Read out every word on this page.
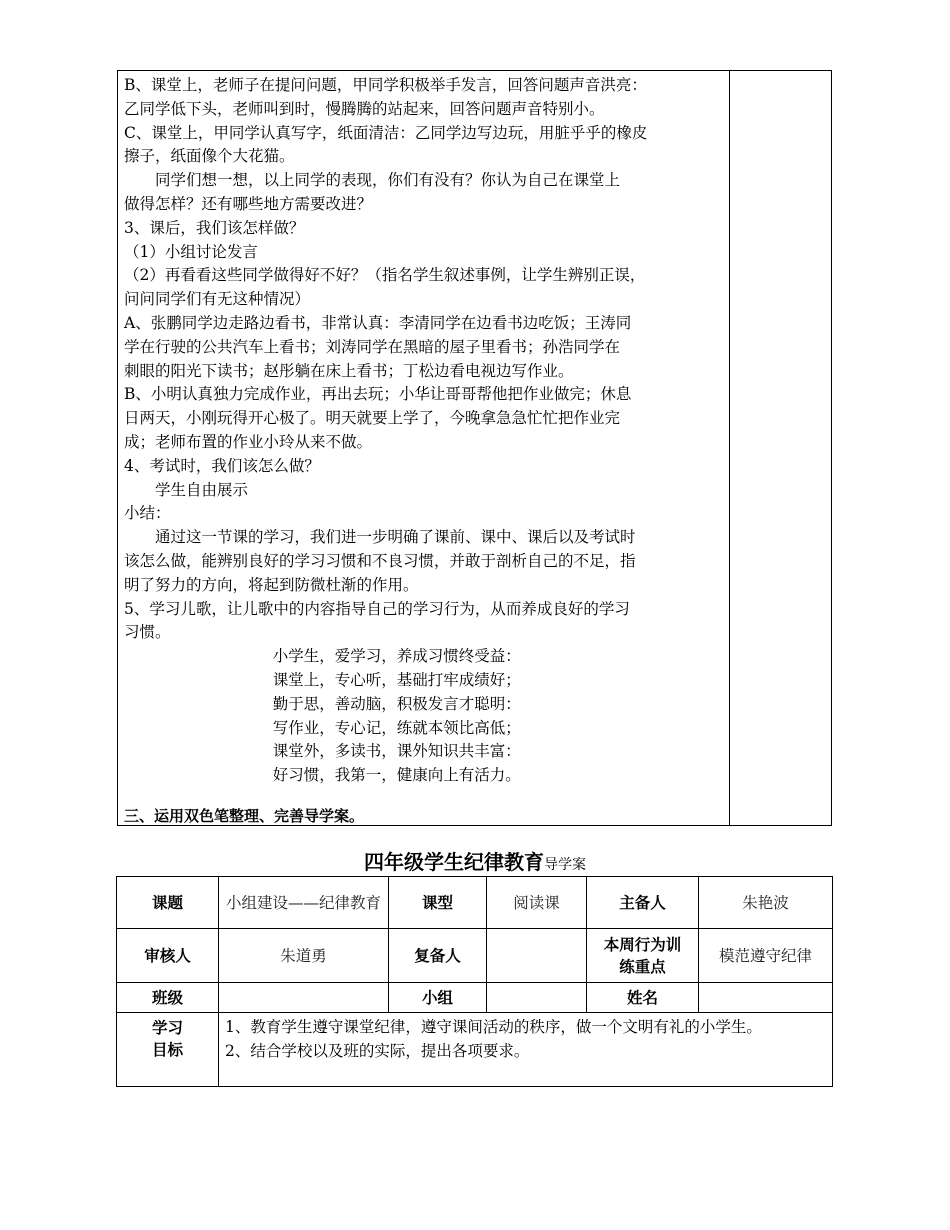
B、课堂上，老师子在提问问题，甲同学积极举手发言，回答问题声音洪亮：
乙同学低下头，老师叫到时，慢腾腾的站起来，回答问题声音特别小。
C、课堂上，甲同学认真写字，纸面清洁：乙同学边写边玩，用脏乎乎的橡皮
擦子，纸面像个大花猫。
同学们想一想，以上同学的表现，你们有没有？你认为自己在课堂上
做得怎样？还有哪些地方需要改进？
3、课后，我们该怎样做？
（1）小组讨论发言
（2）再看看这些同学做得好不好？（指名学生叙述事例，让学生辨别正误，
问问同学们有无这种情况）
A、张鹏同学边走路边看书，非常认真：李清同学在边看书边吃饭；王涛同
学在行驶的公共汽车上看书；刘涛同学在黑暗的屋子里看书；孙浩同学在
刺眼的阳光下读书；赵彤躺在床上看书；丁松边看电视边写作业。
B、小明认真独力完成作业，再出去玩；小华让哥哥帮他把作业做完；休息
日两天，小刚玩得开心极了。明天就要上学了，今晚拿急急忙忙把作业完
成；老师布置的作业小玲从来不做。
4、考试时，我们该怎么做？
学生自由展示
小结：
通过这一节课的学习，我们进一步明确了课前、课中、课后以及考试时
该怎么做，能辨别良好的学习习惯和不良习惯，并敢于剖析自己的不足，指
明了努力的方向，将起到防微杜渐的作用。
5、学习儿歌，让儿歌中的内容指导自己的学习行为，从而养成良好的学习
习惯。
小学生，爱学习，养成习惯终受益：
课堂上，专心听，基础打牢成绩好；
勤于思，善动脑，积极发言才聪明：
写作业，专心记，练就本领比高低；
课堂外，多读书，课外知识共丰富：
好习惯，我第一，健康向上有活力。
三、运用双色笔整理、完善导学案。
四年级学生纪律教育导学案
课题	小组建设——纪律教育	课型	阅读课	主备人	朱艳波
审核人	朱道勇	复备人		本周行为训练重点	模范遵守纪律
班级		小组		姓名	
学习目标	1、教育学生遵守课堂纪律，遵守课间活动的秩序，做一个文明有礼的小学生。
2、结合学校以及班的实际，提出各项要求。				
